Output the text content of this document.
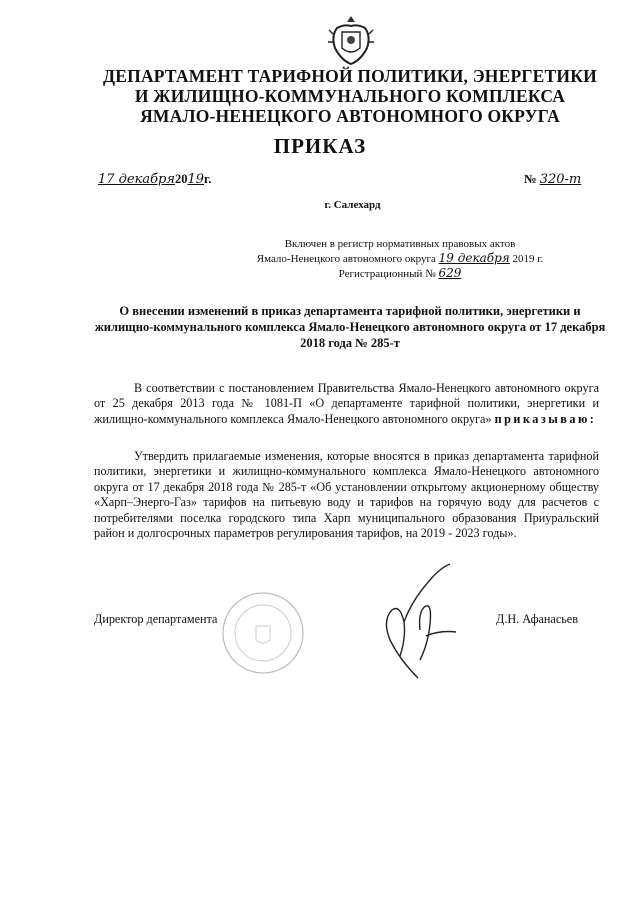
ДЕПАРТАМЕНТ ТАРИФНОЙ ПОЛИТИКИ, ЭНЕРГЕТИКИ
И ЖИЛИЩНО-КОММУНАЛЬНОГО КОМПЛЕКСА
ЯМАЛО-НЕНЕЦКОГО АВТОНОМНОГО ОКРУГА
ПРИКАЗ
17 декабря2019г.	№ 320-т
г. Салехард
Включен в регистр нормативных правовых актов
Ямало-Ненецкого автономного округа 19 декабря 2019 г.
Регистрационный № 629
О внесении изменений в приказ департамента тарифной политики, энергетики и жилищно-коммунального комплекса Ямало-Ненецкого автономного округа от 17 декабря 2018 года № 285-т
В соответствии с постановлением Правительства Ямало-Ненецкого автономного округа от 25 декабря 2013 года № 1081-П «О департаменте тарифной политики, энергетики и жилищно-коммунального комплекса Ямало-Ненецкого автономного округа» приказываю:
Утвердить прилагаемые изменения, которые вносятся в приказ департамента тарифной политики, энергетики и жилищно-коммунального комплекса Ямало-Ненецкого автономного округа от 17 декабря 2018 года № 285-т «Об установлении открытому акционерному обществу «Харп–Энерго-Газ» тарифов на питьевую воду и тарифов на горячую воду для расчетов с потребителями поселка городского типа Харп муниципального образования Приуральский район и долгосрочных параметров регулирования тарифов, на 2019 - 2023 годы».
Директор департамента	Д.Н. Афанасьев
